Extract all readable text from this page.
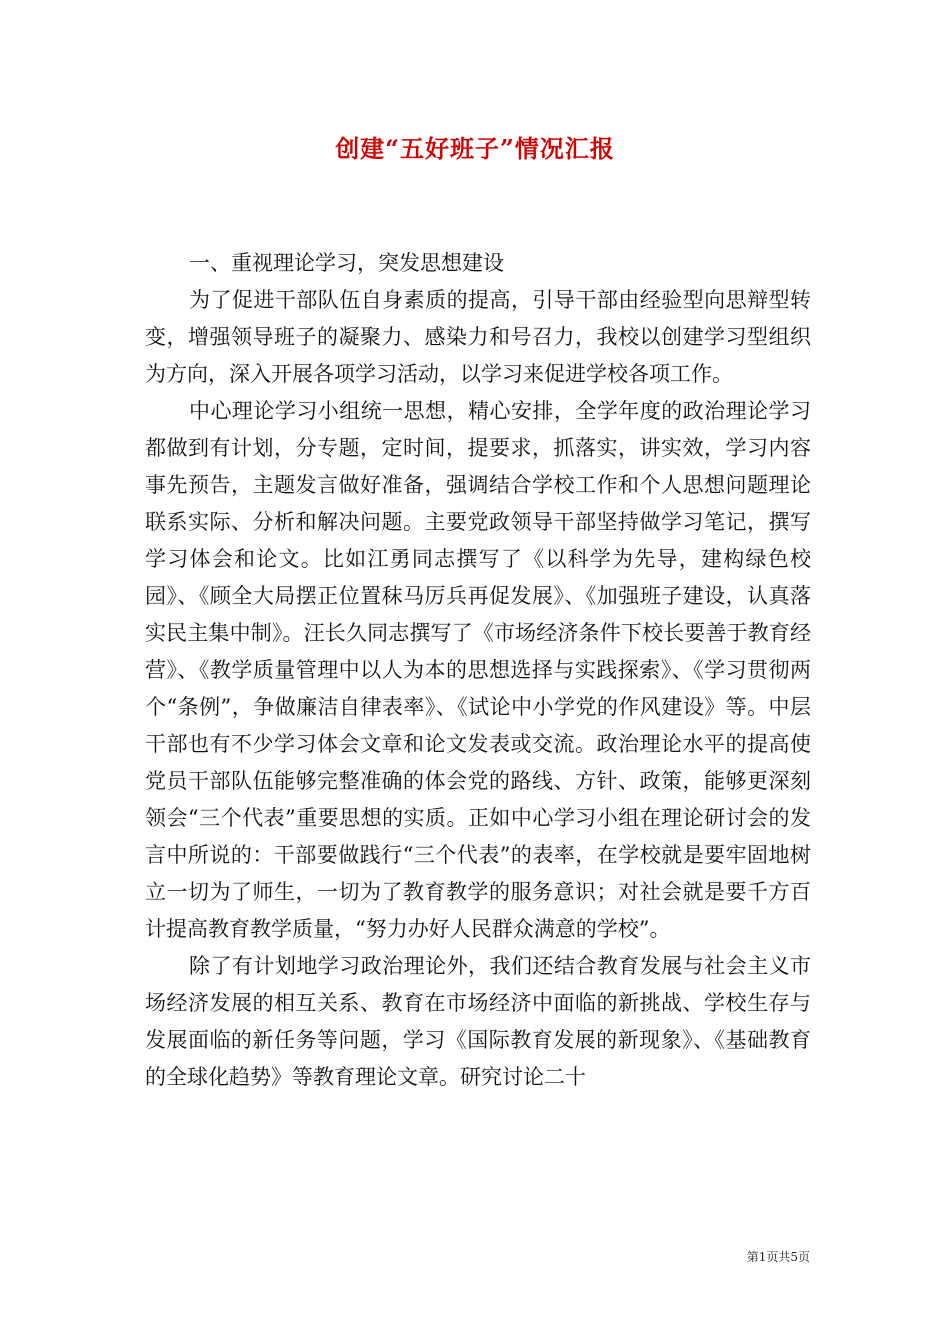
创建“五好班子”情况汇报

一、重视理论学习，突发思想建设

为了促进干部队伍自身素质的提高，引导干部由经验型向思辩型转变，增强领导班子的凝聚力、感染力和号召力，我校以创建学习型组织为方向，深入开展各项学习活动，以学习来促进学校各项工作。

中心理论学习小组统一思想，精心安排，全学年度的政治理论学习都做到有计划，分专题，定时间，提要求，抓落实，讲实效，学习内容事先预告，主题发言做好准备，强调结合学校工作和个人思想问题理论联系实际、分析和解决问题。主要党政领导干部坚持做学习笔记，撰写学习体会和论文。比如江勇同志撰写了《以科学为先导，建构绿色校园》、《顾全大局摆正位置秣马厉兵再促发展》、《加强班子建设，认真落实民主集中制》。汪长久同志撰写了《市场经济条件下校长要善于教育经营》、《教学质量管理中以人为本的思想选择与实践探索》、《学习贯彻两个“条例”，争做廉洁自律表率》、《试论中小学党的作风建设》等。中层干部也有不少学习体会文章和论文发表或交流。政治理论水平的提高使党员干部队伍能够完整准确的体会党的路线、方针、政策，能够更深刻领会“三个代表”重要思想的实质。正如中心学习小组在理论研讨会的发言中所说的：干部要做践行“三个代表”的表率，在学校就是要牢固地树立一切为了师生，一切为了教育教学的服务意识；对社会就是要千方百计提高教育教学质量，“努力办好人民群众满意的学校”。

除了有计划地学习政治理论外，我们还结合教育发展与社会主义市场经济发展的相互关系、教育在市场经济中面临的新挑战、学校生存与发展面临的新任务等问题，学习《国际教育发展的新现象》、《基础教育的全球化趋势》等教育理论文章。研究讨论二十

第1页共5页
